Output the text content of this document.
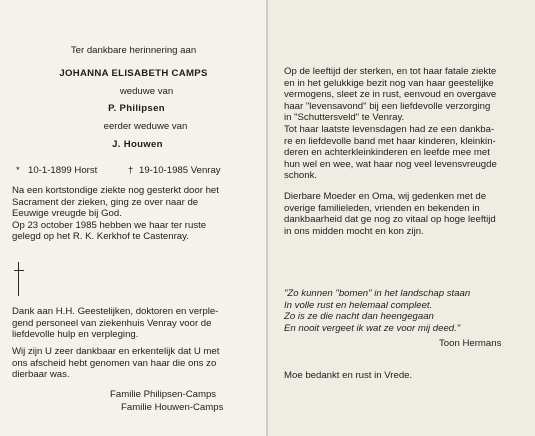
Ter dankbare herinnering aan
JOHANNA ELISABETH CAMPS
weduwe van
P. Philipsen
eerder weduwe van
J. Houwen
* 10-1-1899 Horst	† 19-10-1985 Venray
Na een kortstondige ziekte nog gesterkt door het
Sacrament der zieken, ging ze over naar de
Eeuwige vreugde bij God.
Op 23 october 1985 hebben we haar ter ruste
gelegd op het R. K. Kerkhof te Castenray.
Dank aan H.H. Geestelijken, doktoren en verple-
gend personeel van ziekenhuis Venray voor de
liefdevolle hulp en verpleging.
Wij zijn U zeer dankbaar en erkentelijk dat U met
ons afscheid hebt genomen van haar die ons zo
dierbaar was.
Familie Philipsen-Camps
Familie Houwen-Camps
Op de leeftijd der sterken, en tot haar fatale ziekte
en in het gelukkige bezit nog van haar geestelijke
vermogens, sleet ze in rust, eenvoud en overgave
haar "levensavond" bij een liefdevolle verzorging
in "Schuttersveld" te Venray.
Tot haar laatste levensdagen had ze een dankba-
re en liefdevolle band met haar kinderen, kleinkin-
deren en achterkleinkinderen en leefde mee met
hun wel en wee, wat haar nog veel levensvreugde
schonk.
Dierbare Moeder en Oma, wij gedenken met de
overige familieleden, vrienden en bekenden in
dankbaarheid dat ge nog zo vitaal op hoge leeftijd
in ons midden mocht en kon zijn.
"Zo kunnen "bomen" in het landschap staan
In volle rust en helemaal compleet.
Zo is ze die nacht dan heengegaan
En nooit vergeet ik wat ze voor mij deed."
Toon Hermans
Moe bedankt en rust in Vrede.
